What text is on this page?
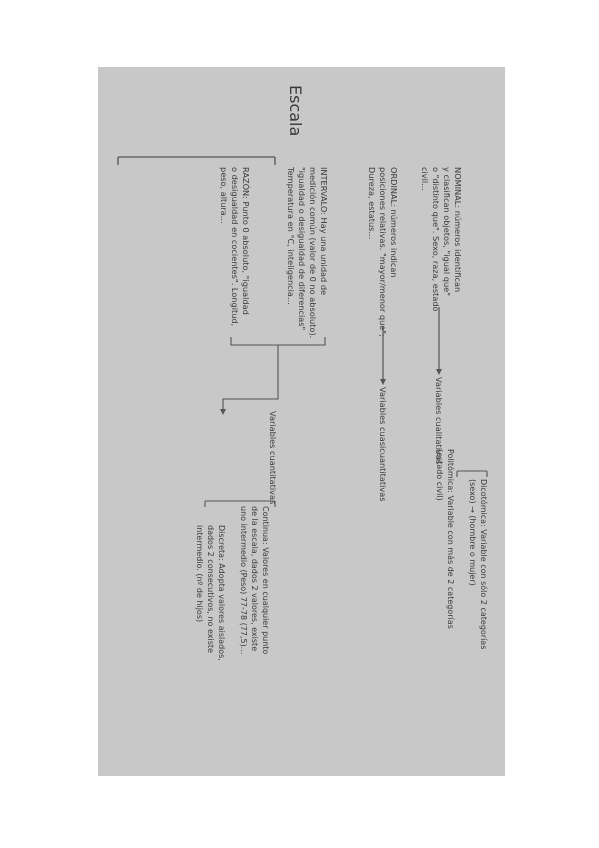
Escala
NOMINAL: números identifican
y clasifican objetos, "igual que"
o "distinto que". Sexo, raza, estado
civil...
Variables cualitativas
Dicotómica: Variable con sólo 2 categorías
(sexo) → (hombre o mujer)
Politómica: Variable con más de 2 categorías
(estado civil)
ORDINAL: números indican
posiciones relativas. "mayor/menor que";
Dureza, estatus...
Variables cuasicuantitativas
INTERVALO: Hay una unidad de
medición común (valor de 0 no absoluto).
"igualdad o desigualdad de diferencias"
Temperatura en °C, inteligencia...
RAZÓN: Punto 0 absoluto, "igualdad
o desigualdad en cocientes". Longitud,
peso, altura...
Variables cuantitativas
Continua: Valores en cualquier punto
de la escala, dados 2 valores, existe
uno intermedio (Peso) 77-78 (77,5)...
Discreta: Adopta valores aislados,
dados 2 consecutivos, no existe
intermedio. (nº de hijos)
